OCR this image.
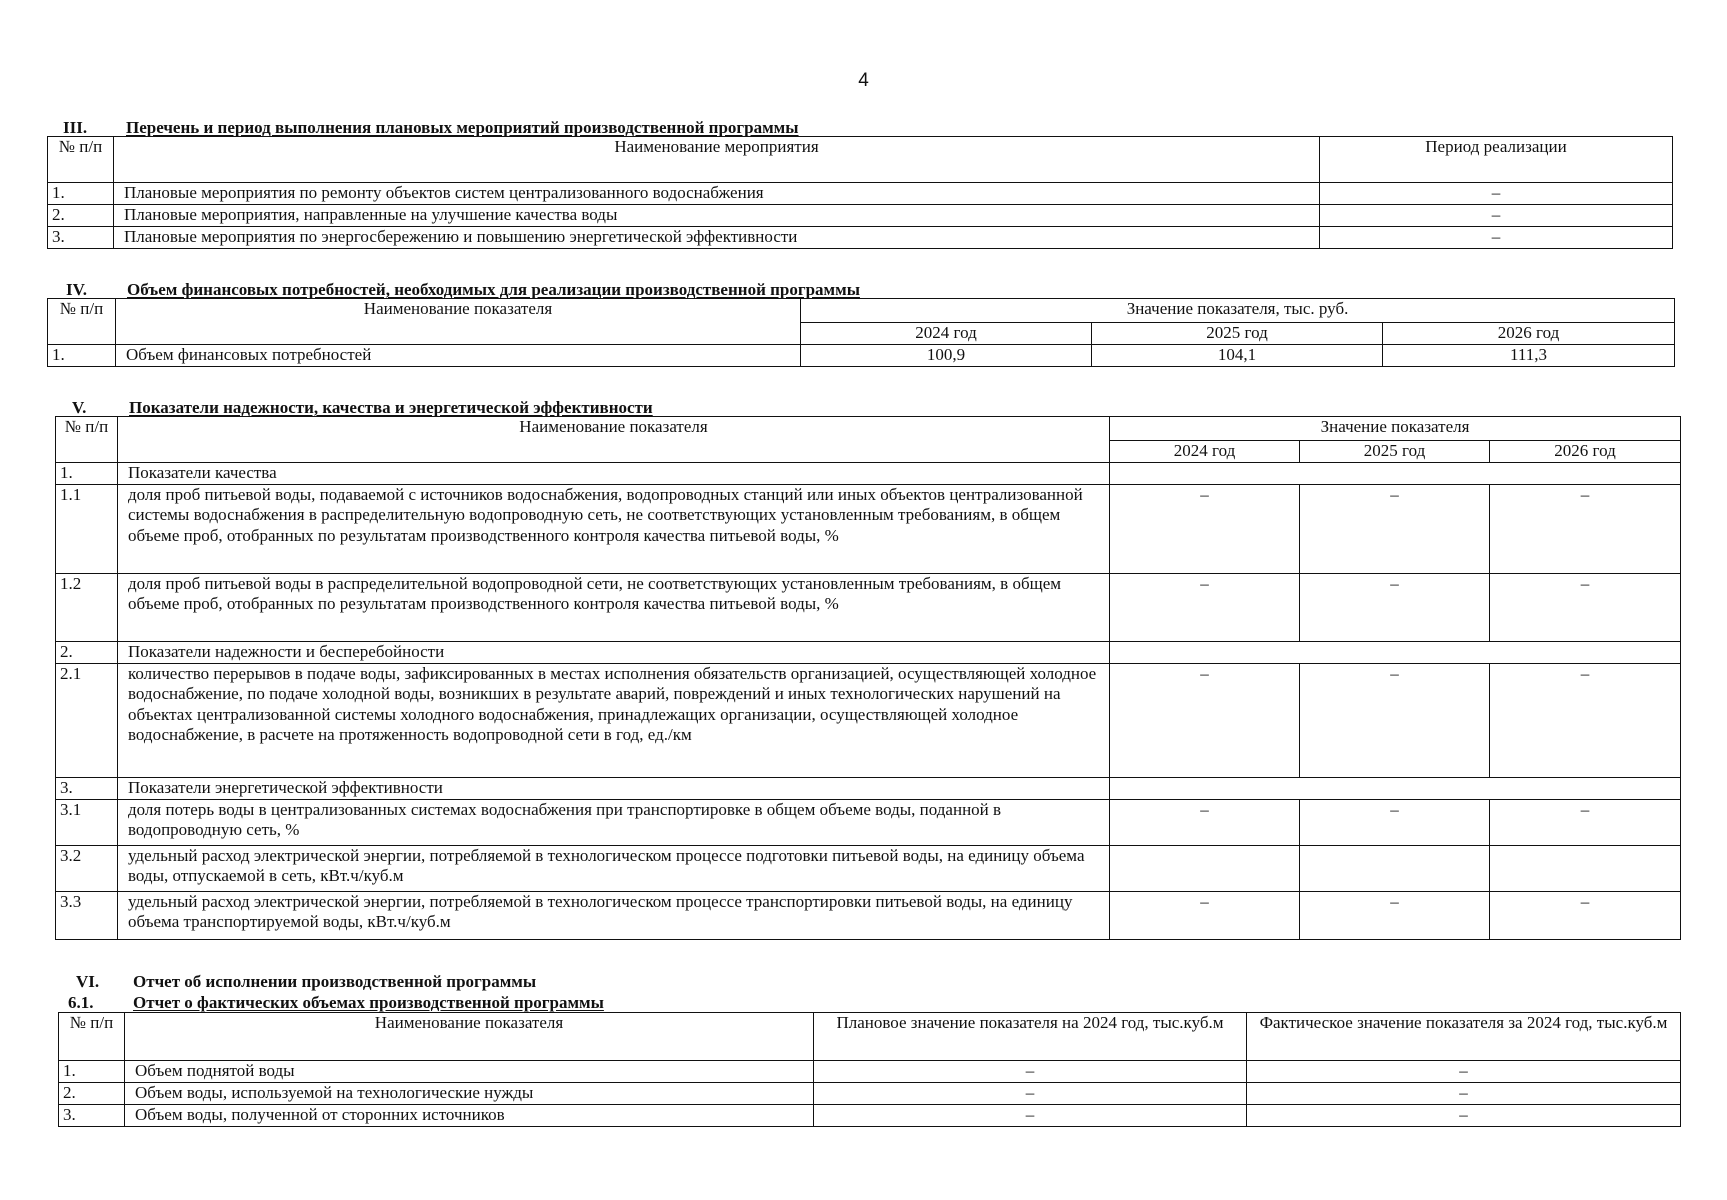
4
III. Перечень и период выполнения плановых мероприятий производственной программы
№ п/п	Наименование мероприятия	Период реализации
1.	Плановые мероприятия по ремонту объектов систем централизованного водоснабжения	–
2.	Плановые мероприятия, направленные на улучшение качества воды	–
3.	Плановые мероприятия по энергосбережению и повышению энергетической эффективности	–
IV. Объем финансовых потребностей, необходимых для реализации производственной программы
№ п/п	Наименование показателя	Значение показателя, тыс. руб.		
		2024 год	2025 год	2026 год
1.	Объем финансовых потребностей	100,9	104,1	111,3
V.	Показатели надежности, качества и энергетической эффективности
№ п/п	Наименование показателя	Значение показателя		
		2024 год	2025 год	2026 год
1.	Показатели качества			
1.1	доля проб питьевой воды, подаваемой с источников водоснабжения, водопроводных станций или иных объектов централизованной системы водоснабжения в распределительную водопроводную сеть, не соответствующих установленным требованиям, в общем объеме проб, отобранных по результатам производственного контроля качества питьевой воды, %	–	–	–
1.2	доля проб питьевой воды в распределительной водопроводной сети, не соответствующих установленным требованиям, в общем объеме проб, отобранных по результатам производственного контроля качества питьевой воды, %	–	–	–
2.	Показатели надежности и бесперебойности			
2.1	количество перерывов в подаче воды, зафиксированных в местах исполнения обязательств организацией, осуществляющей холодное водоснабжение, по подаче холодной воды, возникших в результате аварий, повреждений и иных технологических нарушений на объектах централизованной системы холодного водоснабжения, принадлежащих организации, осуществляющей холодное водоснабжение, в расчете на протяженность водопроводной сети в год, ед./км	–	–	–
3.	Показатели энергетической эффективности			
3.1	доля потерь воды в централизованных системах водоснабжения при транспортировке в общем объеме воды, поданной в водопроводную сеть, %	–	–	–
3.2	удельный расход электрической энергии, потребляемой в технологическом процессе подготовки питьевой воды, на единицу объема воды, отпускаемой в сеть, кВт.ч/куб.м			
3.3	удельный расход электрической энергии, потребляемой в технологическом процессе транспортировки питьевой воды, на единицу объема транспортируемой воды, кВт.ч/куб.м	–	–	–
VI. Отчет об исполнении производственной программы
6.1. Отчет о фактических объемах производственной программы
№ п/п	Наименование показателя	Плановое значение показателя на 2024 год, тыс.куб.м	Фактическое значение показателя за 2024 год, тыс.куб.м
1.	Объем поднятой воды	–	–
2.	Объем воды, используемой на технологические нужды	–	–
3.	Объем воды, полученной от сторонних источников	–	–
